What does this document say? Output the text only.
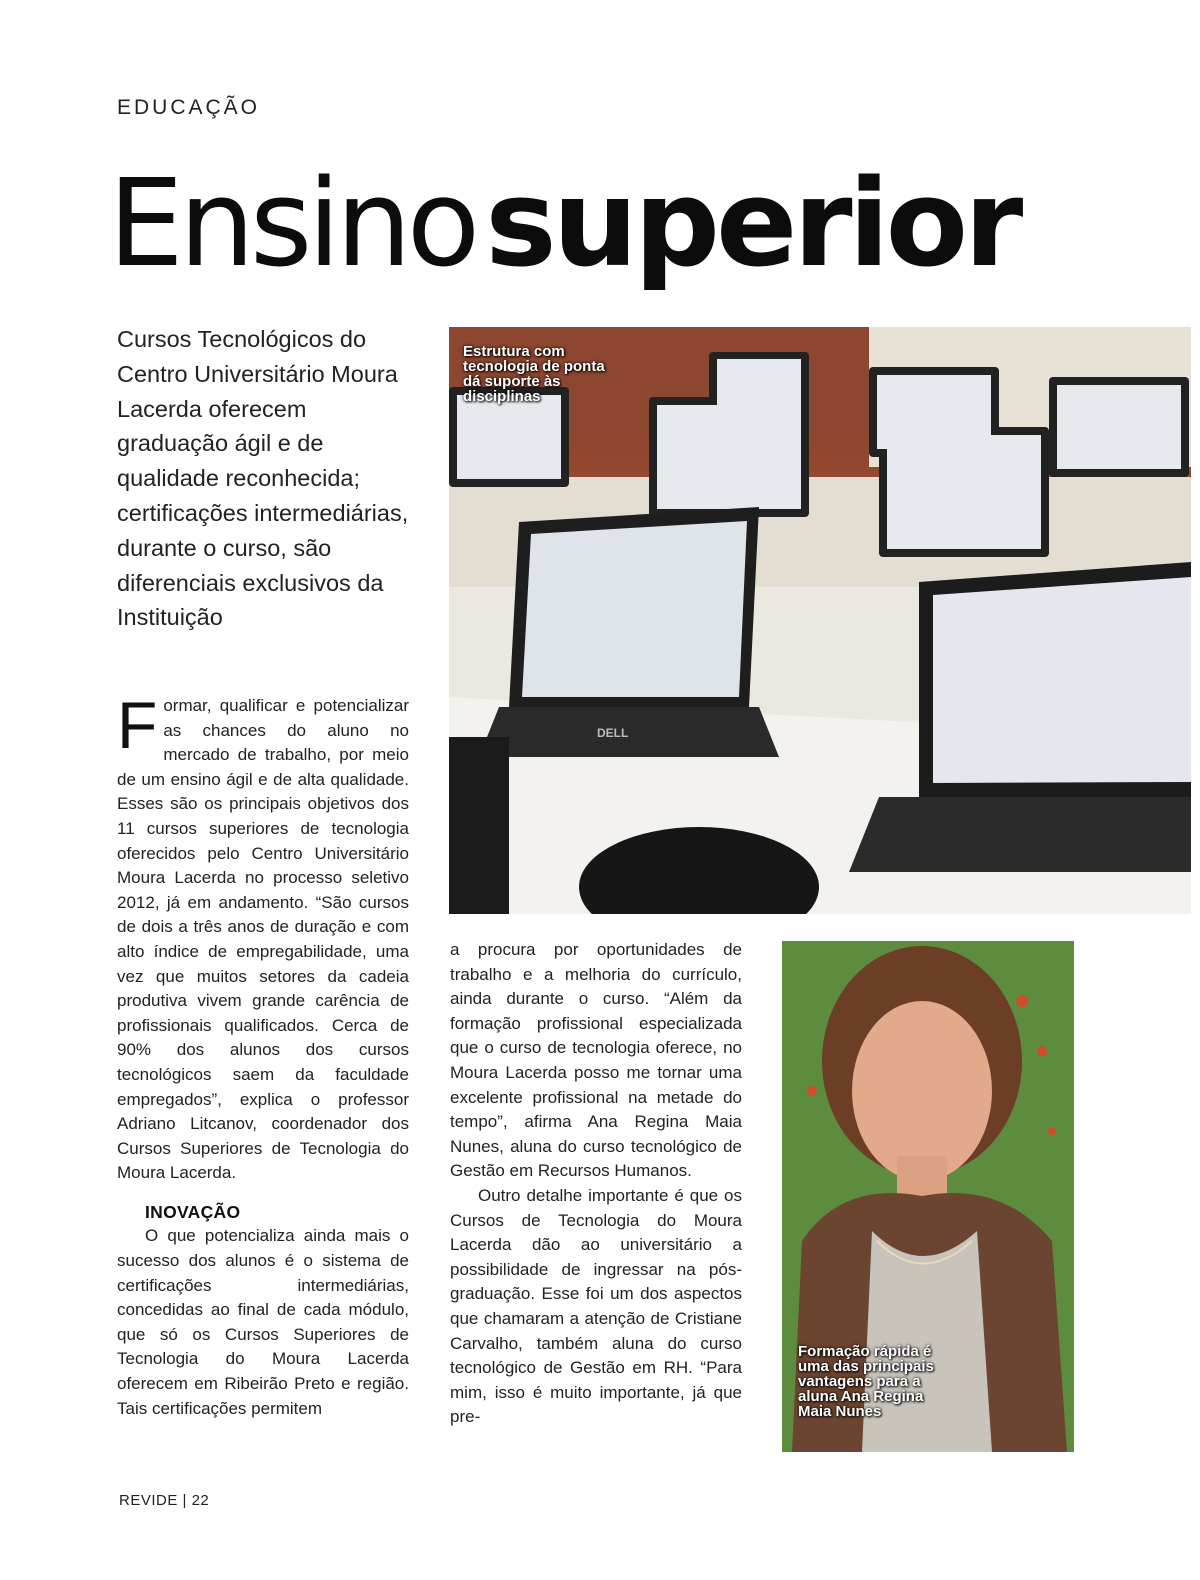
EDUCAÇÃO
Ensinosuperior
Cursos Tecnológicos do Centro Universitário Moura Lacerda oferecem graduação ágil e de qualidade reconhecida; certificações intermediárias, durante o curso, são diferenciais exclusivos da Instituição
DELL
Estrutura com tecnologia de ponta dá suporte às disciplinas

Formar, qualificar e potencializar as chances do aluno no mercado de trabalho, por meio de um ensino ágil e de alta qualidade. Esses são os principais objetivos dos 11 cursos superiores de tecnologia oferecidos pelo Centro Universitário Moura Lacerda no processo seletivo 2012, já em andamento. “São cursos de dois a três anos de duração e com alto índice de empregabilidade, uma vez que muitos setores da cadeia produtiva vivem grande carência de profissionais qualificados. Cerca de 90% dos alunos dos cursos tecnológicos saem da faculdade empregados”, explica o professor Adriano Litcanov, coordenador dos Cursos Superiores de Tecnologia do Moura Lacerda.

INOVAÇÃO

O que potencializa ainda mais o sucesso dos alunos é o sistema de certificações intermediárias, concedidas ao final de cada módulo, que só os Cursos Superiores de Tecnologia do Moura Lacerda oferecem em Ribeirão Preto e região. Tais certificações permitem

a procura por oportunidades de trabalho e a melhoria do currículo, ainda durante o curso. “Além da formação profissional especializada que o curso de tecnologia oferece, no Moura Lacerda posso me tornar uma excelente profissional na metade do tempo”, afirma Ana Regina Maia Nunes, aluna do curso tecnológico de Gestão em Recursos Humanos.

Outro detalhe importante é que os Cursos de Tecnologia do Moura Lacerda dão ao universitário a possibilidade de ingressar na pós-graduação. Esse foi um dos aspectos que chamaram a atenção de Cristiane Carvalho, também aluna do curso tecnológico de Gestão em RH. “Para mim, isso é muito importante, já que pre-

Formação rápida é uma das principais vantagens para a aluna Ana Regina Maia Nunes
REVIDE | 22
